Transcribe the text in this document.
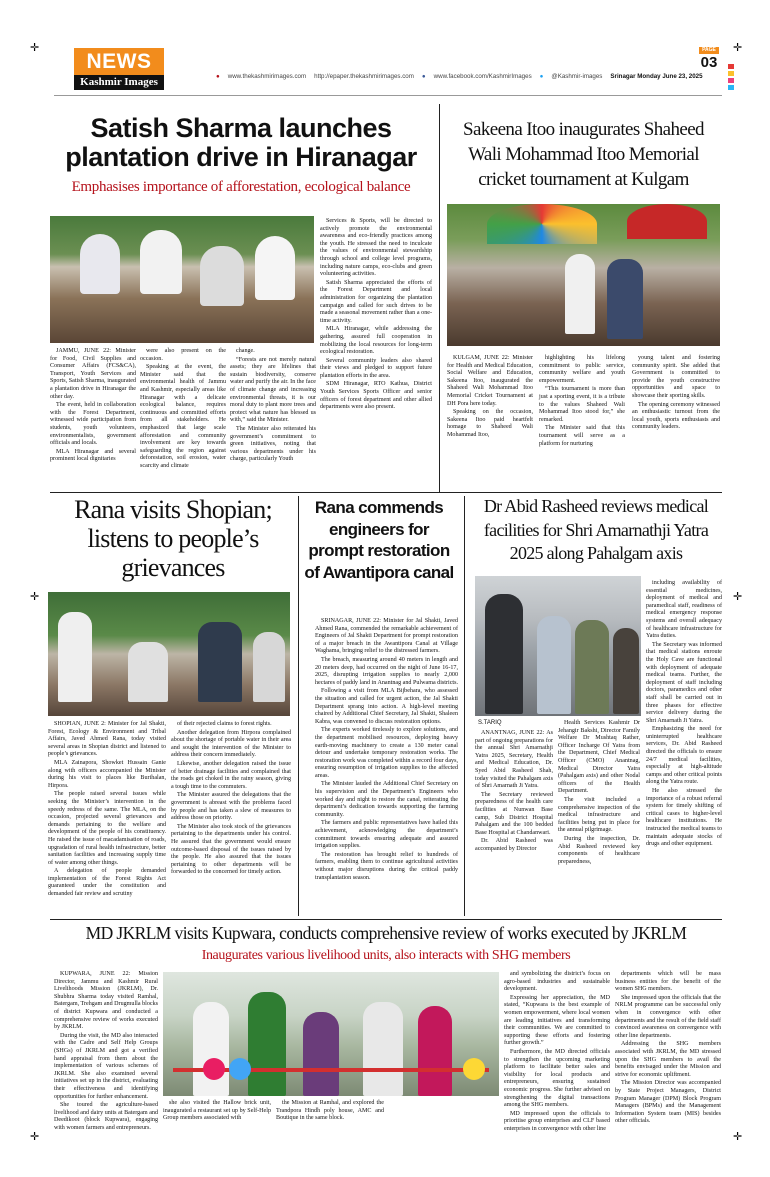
✛	✛
✛	✛
✛	✛
NEWS
Kashmir Images	● www.thekashmirimages.com http://epaper.thekashmirimages.com ● www.facebook.com/KashmirImages ● @Kashmir-images Srinagar Monday June 23, 2025
PAGE
03
Satish Sharma launches plantation drive in Hiranagar
Emphasises importance of afforestation, ecological balance

JAMMU, JUNE 22: Minister for Food, Civil Supplies and Consumer Affairs (FCS&CA), Transport, Youth Services and Sports, Satish Sharma, inaugurated a plantation drive in Hiranagar the other day.

The event, held in collaboration with the Forest Department, witnessed wide participation from students, youth volunteers, environmentalists, government officials and locals.

MLA Hiranagar and several prominent local dignitaries

were also present on the occasion.

Speaking at the event, the Minister said that the environmental health of Jammu and Kashmir, especially areas like Hiranagar with a delicate ecological balance, requires continuous and committed efforts from all stakeholders. He emphasized that large scale afforestation and community involvement are key towards safeguarding the region against deforestation, soil erosion, water scarcity and climate

change.

“Forests are not merely natural assets; they are lifelines that sustain biodiversity, conserve water and purify the air. In the face of climate change and increasing environmental threats, it is our moral duty to plant more trees and protect what nature has blessed us with,” said the Minister.

The Minister also reiterated his government’s commitment to green initiatives, noting that various departments under his charge, particularly Youth

Services & Sports, will be directed to actively promote the environmental awareness and eco-friendly practices among the youth. He stressed the need to inculcate the values of environmental stewardship through school and college level programs, including nature camps, eco-clubs and green volunteering activities.

Satish Sharma appreciated the efforts of the Forest Department and local administration for organizing the plantation campaign and called for such drives to be made a seasonal movement rather than a one-time activity.

MLA Hiranagar, while addressing the gathering, assured full cooperation in mobilizing the local resources for long-term ecological restoration.

Several community leaders also shared their views and pledged to support future plantation efforts in the area.

SDM Hiranagar, RTO Kathua, District Youth Services Sports Officer and senior officers of forest department and other allied departments were also present.

Sakeena Itoo inaugurates Shaheed Wali Mohammad Itoo Memorial cricket tournament at Kulgam

KULGAM, JUNE 22: Minister for Health and Medical Education, Social Welfare and Education, Sakeena Itoo, inaugurated the Shaheed Wali Mohammad Itoo Memorial Cricket Tournament at DH Pora here today.

Speaking on the occasion, Sakeena Itoo paid heartfelt homage to Shaheed Wali Mohammad Itoo,

highlighting his lifelong commitment to public service, community welfare and youth empowerment.

“This tournament is more than just a sporting event, it is a tribute to the values Shaheed Wali Mohammad Itoo stood for,” she remarked.

The Minister said that this tournament will serve as a platform for nurturing

young talent and fostering community spirit. She added that Government is committed to provide the youth constructive opportunities and space to showcase their sporting skills.

The opening ceremony witnessed an enthusiastic turnout from the local youth, sports enthusiasts and community leaders.

Rana visits Shopian; listens to people’s grievances

SHOPIAN, JUNE 2: Minister for Jal Shakti, Forest, Ecology & Environment and Tribal Affairs, Javed Ahmed Rana, today visited several areas in Shopian district and listened to people’s grievances.

MLA Zainapora, Showket Hussain Ganie along with officers accompanied the Minister during his visit to places like Burihalan, Hirpora.

The people raised several issues while seeking the Minister’s intervention in the speedy redress of the same. The MLA, on the occasion, projected several grievances and demands pertaining to the welfare and development of the people of his constituency. He raised the issue of macadamisation of roads, upgradation of rural health infrastructure, better sanitation facilities and increasing supply time of water among other things.

A delegation of people demanded implementation of the Forest Rights Act guaranteed under the constitution and demanded fair review and scrutiny

of their rejected claims to forest rights.

Another delegation from Hirpora complained about the shortage of portable water in their area and sought the intervention of the Minister to address their concern immediately.

Likewise, another delegation raised the issue of better drainage facilities and complained that the roads get choked in the rainy season, giving a tough time to the commuters.

The Minister assured the delegations that the government is abreast with the problems faced by people and has taken a slew of measures to address those on priority.

The Minister also took stock of the grievances pertaining to the departments under his control. He assured that the government would ensure outcome-based disposal of the issues raised by the people. He also assured that the issues pertaining to other departments will be forwarded to the concerned for timely action.

Rana commends engineers for prompt restoration of Awantipora canal

SRINAGAR, JUNE 22: Minister for Jal Shakti, Javed Ahmed Rana, commended the remarkable achievement of Engineers of Jal Shakti Department for prompt restoration of a major breach in the Awantipora Canal at Village Waghama, bringing relief to the distressed farmers.

The breach, measuring around 40 meters in length and 20 meters deep, had occurred on the night of June 16-17, 2025, disrupting irrigation supplies to nearly 2,000 hectares of paddy land in Anantnag and Pulwama districts.

Following a visit from MLA Bijbehara, who assessed the situation and called for urgent action, the Jal Shakti Department sprang into action. A high-level meeting chaired by Additional Chief Secretary, Jal Shakti, Shaleen Kabra, was convened to discuss restoration options.

The experts worked tirelessly to explore solutions, and the department mobilised resources, deploying heavy earth-moving machinery to create a 130 meter canal detour and undertake temporary restoration works. The restoration work was completed within a record four days, ensuring resumption of irrigation supplies to the affected areas.

The Minister lauded the Additional Chief Secretary on his supervision and the Department’s Engineers who worked day and night to restore the canal, reiterating the department’s dedication towards supporting the farming community.

The farmers and public representatives have hailed this achievement, acknowledging the department’s commitment towards ensuring adequate and assured irrigation supplies.

The restoration has brought relief to hundreds of farmers, enabling them to continue agricultural activities without major disruptions during the critical paddy transplantation season.

Dr Abid Rasheed reviews medical facilities for Shri Amarnathji Yatra 2025 along Pahalgam axis
S.TARIQ

ANANTNAG, JUNE 22: As part of ongoing preparations for the annual Shri Amarnathji Yatra 2025, Secretary, Health and Medical Education, Dr. Syed Abid Rasheed Shah, today visited the Pahalgam axis of Shri Amarnath Ji Yatra.

The Secretary reviewed preparedness of the health care facilities at Nunwan Base camp, Sub District Hospital Pahalgam and the 100 bedded Base Hospital at Chandanwari.

Dr. Abid Rasheed was accompanied by Director

Health Services Kashmir Dr Jehangir Bakshi, Director Family Welfare Dr Mushtaq Rather, Officer Incharge Of Yatra from the Department, Chief Medical Officer (CMO) Anantnag, Medical Director Yatra (Pahalgam axis) and other Nodal officers of the Health Department.

The visit included a comprehensive inspection of the medical infrastructure and facilities being put in place for the annual pilgrimage.

During the inspection, Dr. Abid Rasheed reviewed key components of healthcare preparedness,

including availability of essential medicines, deployment of medical and paramedical staff, readiness of medical emergency response systems and overall adequacy of healthcare infrastructure for Yatra duties.

The Secretary was informed that medical stations enroute the Holy Cave are functional with deployment of adequate medical teams. Further, the deployment of staff including doctors, paramedics and other staff shall be carried out in three phases for effective service delivery during the Shri Amarnath Ji Yatra.

Emphasizing the need for uninterrupted healthcare services, Dr. Abid Rasheed directed the officials to ensure 24/7 medical facilities, especially at high-altitude camps and other critical points along the Yatra route.

He also stressed the importance of a robust referral system for timely shifting of critical cases to higher-level healthcare institutions. He instructed the medical teams to maintain adequate stocks of drugs and other equipment.

MD JKRLM visits Kupwara, conducts comprehensive review of works executed by JKRLM
Inaugurates various livelihood units, also interacts with SHG members

KUPWARA, JUNE 22: Mission Director, Jammu and Kashmir Rural Livelihoods Mission (JKRLM), Dr. Shubhra Sharma today visited Ramhal, Batergam, Trehgam and Drugmulla blocks of district Kupwara and conducted a comprehensive review of works executed by JKRLM.

During the visit, the MD also interacted with the Cadre and Self Help Groups (SHGs) of JKRLM and got a verified hand appraisal from them about the implementation of various schemes of JKRLM. She also examined several initiatives set up in the district, evaluating their effectiveness and identifying opportunities for further enhancement.

She toured the agriculture-based livelihood and dairy units at Batergam and Deedikoot (block Kupwara), engaging with women farmers and entrepreneurs.

she also visited the Hallow brick unit, inaugurated a restaurant set up by Self-Help Group members associated with

the Mission at Ramhal, and explored the Trandpora Hindh poly house, AMC and Boutique in the same block.

and symbolizing the district’s focus on agro-based industries and sustainable development.

Expressing her appreciation, the MD stated, “Kupwara is the best example of women empowerment, where local women are leading initiatives and transforming their communities. We are committed to supporting these efforts and fostering further growth.”

Furthermore, the MD directed officials to strengthen the upcoming marketing platform to facilitate better sales and visibility for local products and entrepreneurs, ensuring sustained economic progress. She further advised on strengthening the digital transactions among the SHG members.

MD impressed upon the officials to prioritise group enterprises and CLF based enterprises in convergence with other line

departments which will be mass business entities for the benefit of the women SHG members.

She impressed upon the officials that the NRLM programme can be successful only when in convergence with other departments and the result of the field staff convinced awareness on convergence with other line departments.

Addressing the SHG members associated with JKRLM, the MD stressed upon the SHG members to avail the benefits envisaged under the Mission and strive for economic upliftment.

The Mission Director was accompanied by State Project Managers, District Program Manager (DPM) Block Program Managers (BPMs) and the Management Information System team (MIS) besides other officials.
